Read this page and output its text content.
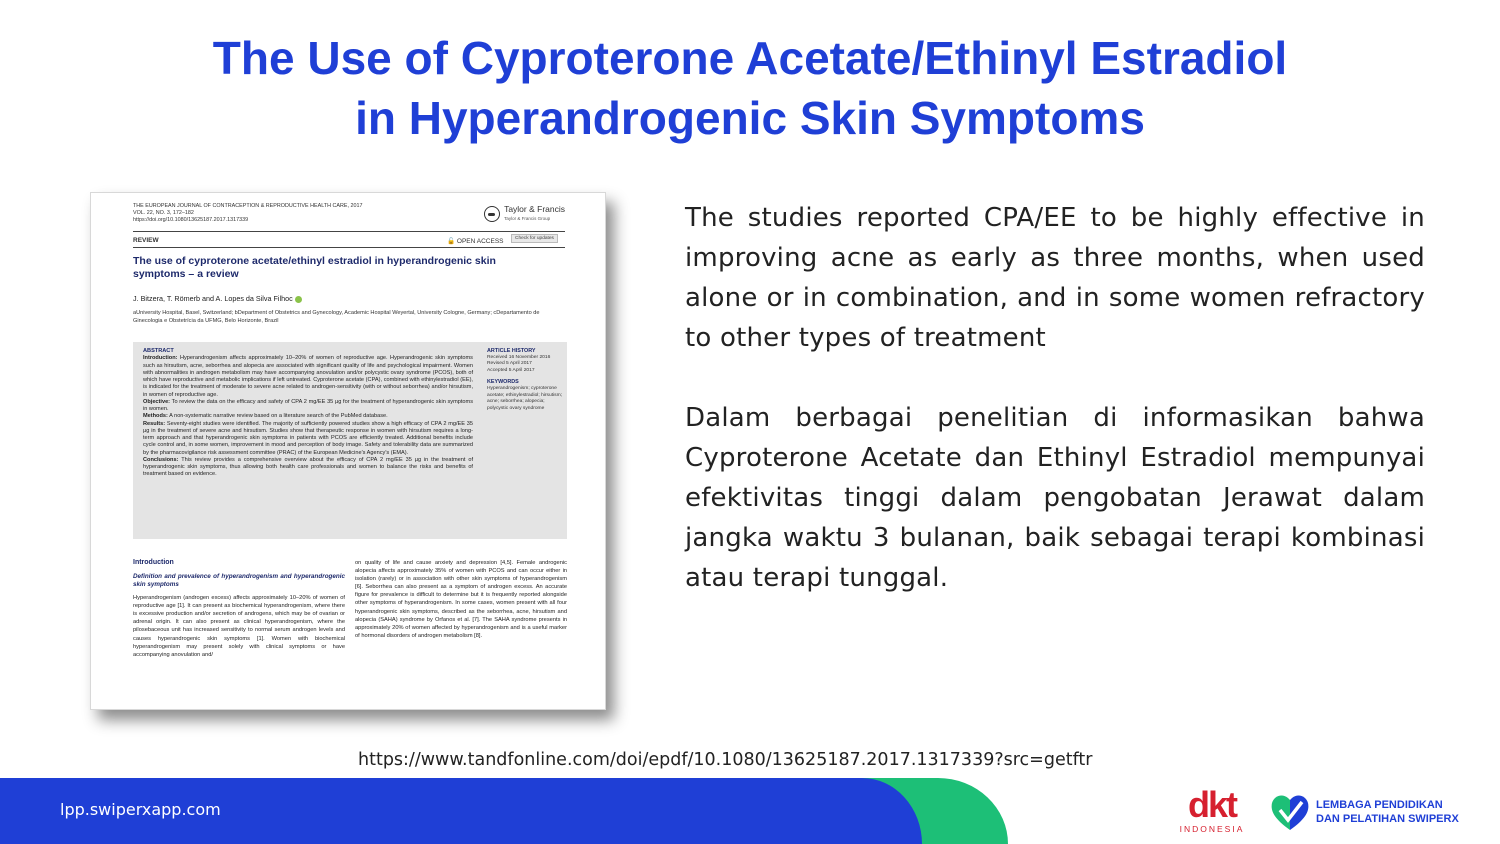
The Use of Cyproterone Acetate/Ethinyl Estradiol
in Hyperandrogenic Skin Symptoms
THE EUROPEAN JOURNAL OF CONTRACEPTION & REPRODUCTIVE HEALTH CARE, 2017
VOL. 22, NO. 3, 172–182
https://doi.org/10.1080/13625187.2017.1317339
Taylor & Francis
Taylor & Francis Group
REVIEW	🔓 OPEN ACCESS	Check for updates
The use of cyproterone acetate/ethinyl estradiol in hyperandrogenic skin symptoms – a review
J. Bitzera, T. Römerb and A. Lopes da Silva Filhoc
aUniversity Hospital, Basel, Switzerland; bDepartment of Obstetrics and Gynecology, Academic Hospital Weyertal, University Cologne, Germany; cDepartamento de Ginecologia e Obstetrícia da UFMG, Belo Horizonte, Brazil
ABSTRACT
Introduction: Hyperandrogenism affects approximately 10–20% of women of reproductive age. Hyperandrogenic skin symptoms such as hirsutism, acne, seborrhea and alopecia are associated with significant quality of life and psychological impairment. Women with abnormalities in androgen metabolism may have accompanying anovulation and/or polycystic ovary syndrome (PCOS), both of which have reproductive and metabolic implications if left untreated. Cyproterone acetate (CPA), combined with ethinylestradiol (EE), is indicated for the treatment of moderate to severe acne related to androgen-sensitivity (with or without seborrhea) and/or hirsutism, in women of reproductive age.
Objective: To review the data on the efficacy and safety of CPA 2 mg/EE 35 µg for the treatment of hyperandrogenic skin symptoms in women.
Methods: A non-systematic narrative review based on a literature search of the PubMed database.
Results: Seventy-eight studies were identified. The majority of sufficiently powered studies show a high efficacy of CPA 2 mg/EE 35 µg in the treatment of severe acne and hirsutism. Studies show that therapeutic response in women with hirsutism requires a long-term approach and that hyperandrogenic skin symptoms in patients with PCOS are efficiently treated. Additional benefits include cycle control and, in some women, improvement in mood and perception of body image. Safety and tolerability data are summarized by the pharmacovigilance risk assessment committee (PRAC) of the European Medicine's Agency's (EMA).
Conclusions: This review provides a comprehensive overview about the efficacy of CPA 2 mg/EE 35 µg in the treatment of hyperandrogenic skin symptoms, thus allowing both health care professionals and women to balance the risks and benefits of treatment based on evidence.
ARTICLE HISTORY
Received 16 November 2016
Revised 5 April 2017
Accepted 5 April 2017
KEYWORDS
Hyperandrogenism; cyproterone acetate; ethinylestradiol; hirsutism; acne; seborrhea; alopecia; polycystic ovary syndrome
Introduction
Definition and prevalence of hyperandrogenism and hyperandrogenic skin symptoms
Hyperandrogenism (androgen excess) affects approximately 10–20% of women of reproductive age [1]. It can present as biochemical hyperandrogenism, where there is excessive production and/or secretion of androgens, which may be of ovarian or adrenal origin. It can also present as clinical hyperandrogenism, where the pilosebaceous unit has increased sensitivity to normal serum androgen levels and causes hyperandrogenic skin symptoms [1]. Women with biochemical hyperandrogenism may present solely with clinical symptoms or have accompanying anovulation and/
on quality of life and cause anxiety and depression [4,5]. Female androgenic alopecia affects approximately 35% of women with PCOS and can occur either in isolation (rarely) or in association with other skin symptoms of hyperandrogenism [6]. Seborrhea can also present as a symptom of androgen excess. An accurate figure for prevalence is difficult to determine but it is frequently reported alongside other symptoms of hyperandrogenism. In some cases, women present with all four hyperandrogenic skin symptoms, described as the seborrhea, acne, hirsutism and alopecia (SAHA) syndrome by Orfanos et al. [7]. The SAHA syndrome presents in approximately 20% of women affected by hyperandrogenism and is a useful marker of hormonal disorders of androgen metabolism [8].
The studies reported CPA/EE to be highly effective in improving acne as early as three months, when used alone or in combination, and in some women refractory to other types of treatment
Dalam berbagai penelitian di informasikan bahwa Cyproterone Acetate dan Ethinyl Estradiol mempunyai efektivitas tinggi dalam pengobatan Jerawat dalam jangka waktu 3 bulanan, baik sebagai terapi kombinasi atau terapi tunggal.
https://www.tandfonline.com/doi/epdf/10.1080/13625187.2017.1317339?src=getftr
lpp.swiperxapp.com	dkt
INDONESIA
LEMBAGA PENDIDIKAN
DAN PELATIHAN SWIPERX
